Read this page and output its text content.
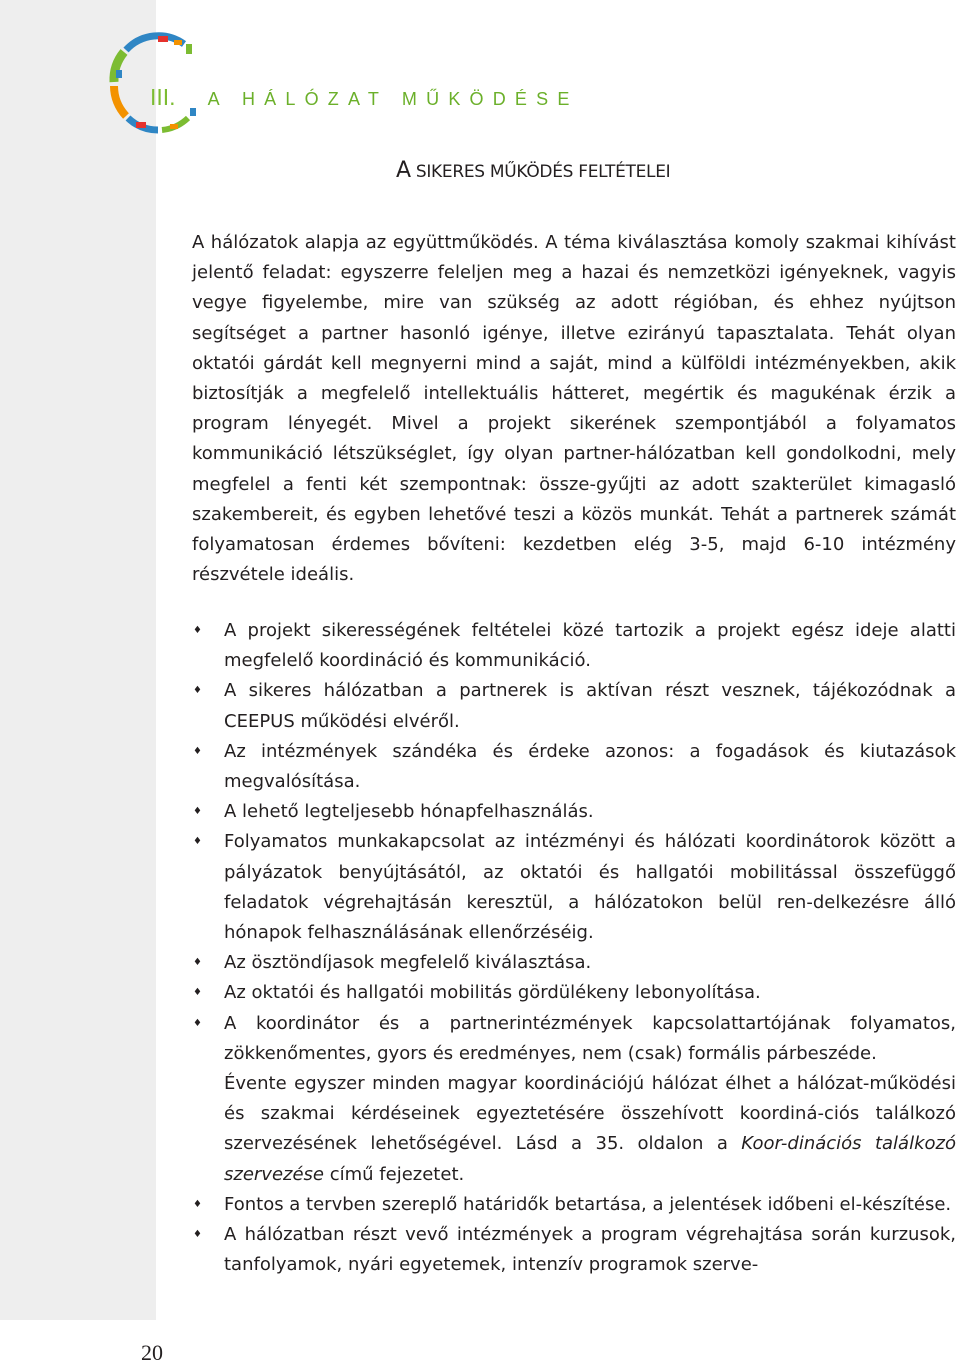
III. A HÁLÓZAT MŰKÖDÉSE
A SIKERES MŰKÖDÉS FELTÉTELEI

A hálózatok alapja az együttműködés. A téma kiválasztása komoly szakmai kihívást jelentő feladat: egyszerre feleljen meg a hazai és nemzetközi igényeknek, vagyis vegye figyelembe, mire van szükség az adott régióban, és ehhez nyújtson segítséget a partner hasonló igénye, illetve ezirányú tapasztalata. Tehát olyan oktatói gárdát kell megnyerni mind a saját, mind a külföldi intézményekben, akik biztosítják a megfelelő intellektuális hátteret, megértik és magukénak érzik a program lényegét. Mivel a projekt sikerének szempontjából a folyamatos kommunikáció létszükséglet, így olyan partner-hálózatban kell gondolkodni, mely megfelel a fenti két szempontnak: össze-gyűjti az adott szakterület kimagasló szakembereit, és egyben lehetővé teszi a közös munkát. Tehát a partnerek számát folyamatosan érdemes bővíteni: kezdetben elég 3-5, majd 6-10 intézmény részvétele ideális.

♦ A projekt sikerességének feltételei közé tartozik a projekt egész ideje alatti megfelelő koordináció és kommunikáció.
♦ A sikeres hálózatban a partnerek is aktívan részt vesznek, tájékozódnak a CEEPUS működési elvéről.
♦ Az intézmények szándéka és érdeke azonos: a fogadások és kiutazások megvalósítása.
♦ A lehető legteljesebb hónapfelhasználás.
♦ Folyamatos munkakapcsolat az intézményi és hálózati koordinátorok között a pályázatok benyújtásától, az oktatói és hallgatói mobilitással összefüggő feladatok végrehajtásán keresztül, a hálózatokon belül ren-delkezésre álló hónapok felhasználásának ellenőrzéséig.
♦ Az ösztöndíjasok megfelelő kiválasztása.
♦ Az oktatói és hallgatói mobilitás gördülékeny lebonyolítása.

♦ A koordinátor és a partnerintézmények kapcsolattartójának folyamatos, zökkenőmentes, gyors és eredményes, nem (csak) formális párbeszéde.

Évente egyszer minden magyar koordinációjú hálózat élhet a hálózat-működési és szakmai kérdéseinek egyeztetésére összehívott koordiná-ciós találkozó szervezésének lehetőségével. Lásd a 35. oldalon a Koor-dinációs találkozó szervezése című fejezetet.

♦ Fontos a tervben szereplő határidők betartása, a jelentések időbeni el-készítése.
♦ A hálózatban részt vevő intézmények a program végrehajtása során kurzusok, tanfolyamok, nyári egyetemek, intenzív programok szerve-
20
